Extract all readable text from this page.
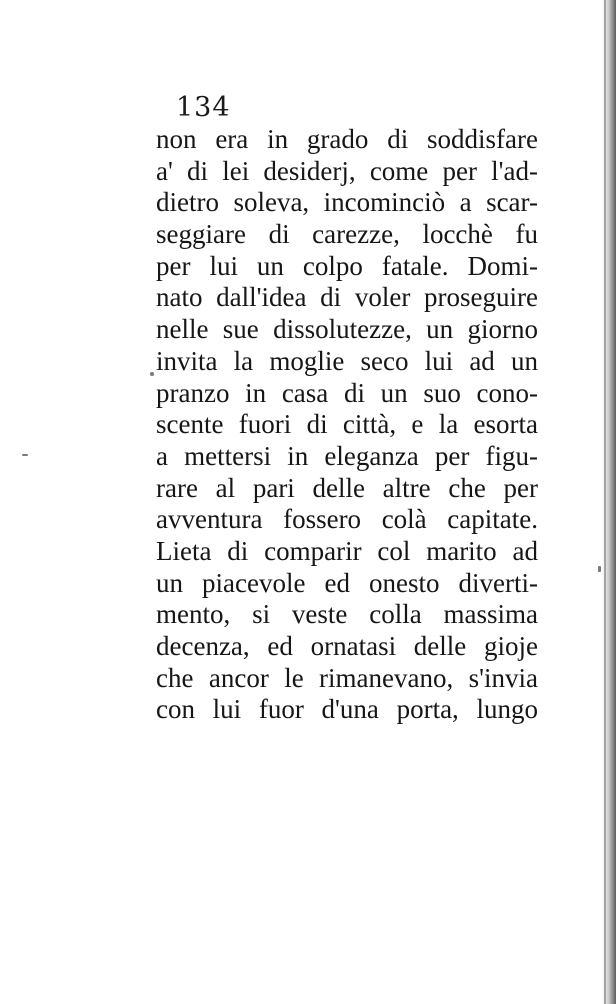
134
non era in grado di soddisfare
a' di lei desiderj, come per l'ad-
dietro soleva, incominciò a scar-
seggiare di carezze, locchè fu
per lui un colpo fatale. Domi-
nato dall'idea di voler proseguire
nelle sue dissolutezze, un giorno
invita la moglie seco lui ad un
pranzo in casa di un suo cono-
scente fuori di città, e la esorta
a mettersi in eleganza per figu-
rare al pari delle altre che per
avventura fossero colà capitate.
Lieta di comparir col marito ad
un piacevole ed onesto diverti-
mento, si veste colla massima
decenza, ed ornatasi delle gioje
che ancor le rimanevano, s'invia
con lui fuor d'una porta, lungo
